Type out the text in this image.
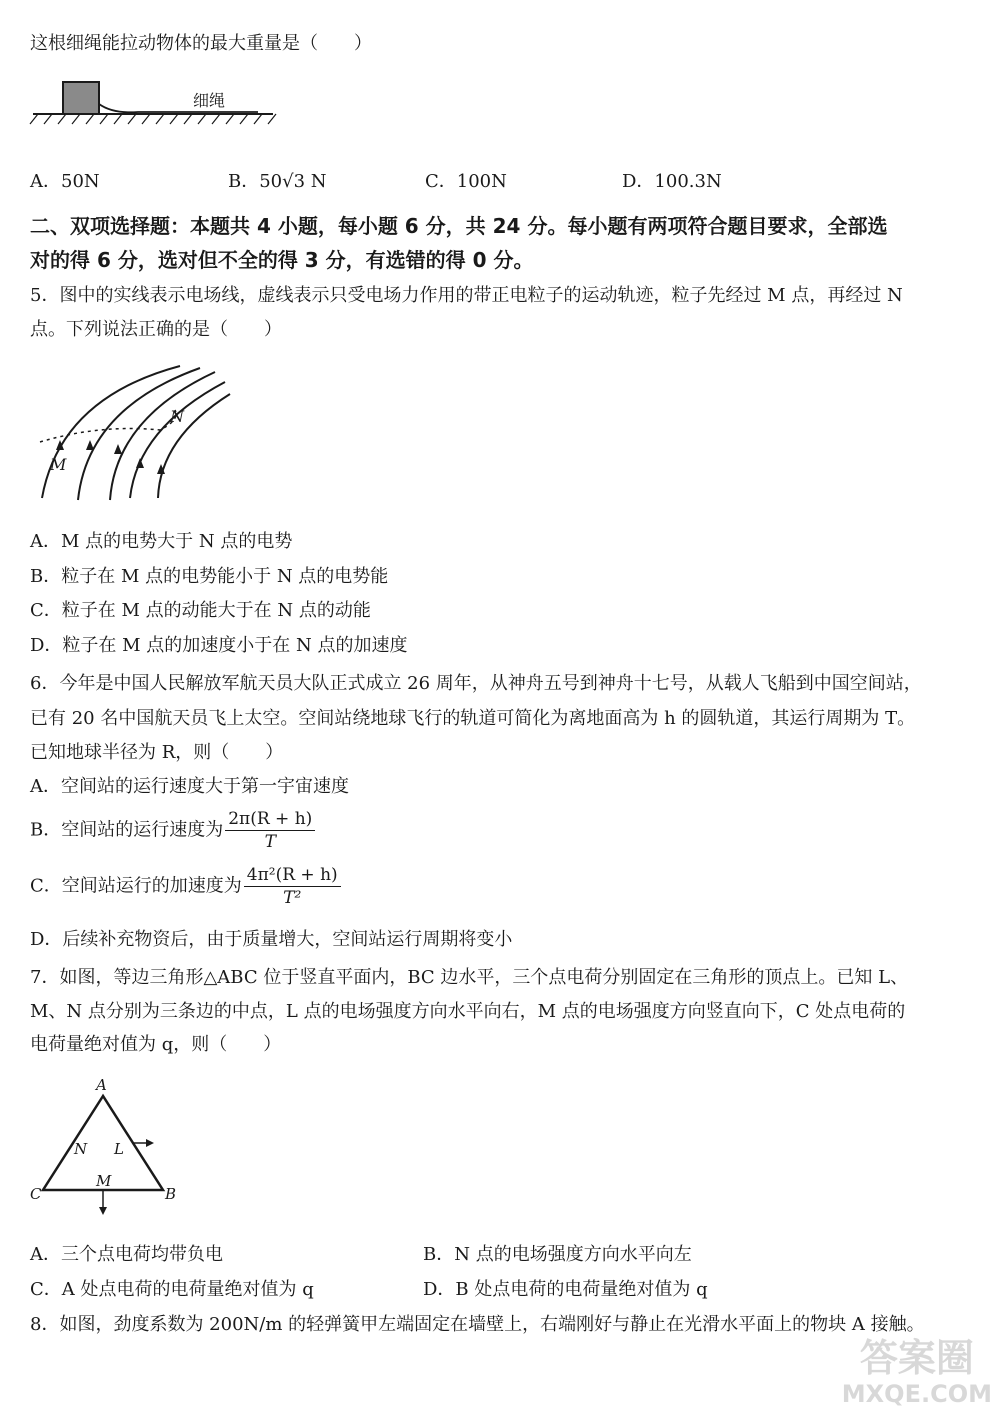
这根细绳能拉动物体的最大重量是（　　）
细绳
A．50N	B．50√3 N	C．100N	D．100.3N
二、双项选择题：本题共 4 小题，每小题 6 分，共 24 分。每小题有两项符合题目要求，全部选
对的得 6 分，选对但不全的得 3 分，有选错的得 0 分。
5．图中的实线表示电场线，虚线表示只受电场力作用的带正电粒子的运动轨迹，粒子先经过 M 点，再经过 N
点。下列说法正确的是（　　）
N
M
A．M 点的电势大于 N 点的电势
B．粒子在 M 点的电势能小于 N 点的电势能
C．粒子在 M 点的动能大于在 N 点的动能
D．粒子在 M 点的加速度小于在 N 点的加速度
6．今年是中国人民解放军航天员大队正式成立 26 周年，从神舟五号到神舟十七号，从载人飞船到中国空间站，
已有 20 名中国航天员飞上太空。空间站绕地球飞行的轨道可简化为离地面高为 h 的圆轨道，其运行周期为 T。
已知地球半径为 R，则（　　）
A．空间站的运行速度大于第一宇宙速度
B．空间站的运行速度为 $\frac{2\pi(R + h)}{T}$
C．空间站运行的加速度为 $\frac{\text{4π²(R + h)}}{\text{T²}}$
D．后续补充物资后，由于质量增大，空间站运行周期将变小
7．如图，等边三角形△ABC 位于竖直平面内，BC 边水平，三个点电荷分别固定在三角形的顶点上。已知 L、
M、N 点分别为三条边的中点，L 点的电场强度方向水平向右，M 点的电场强度方向竖直向下，C 处点电荷的
电荷量绝对值为 q，则（　　）
A
N L
M
C	B
A．三个点电荷均带负电	B．N 点的电场强度方向水平向左
C．A 处点电荷的电荷量绝对值为 q	D．B 处点电荷的电荷量绝对值为 q
8．如图，劲度系数为 200N/m 的轻弹簧甲左端固定在墙壁上，右端刚好与静止在光滑水平面上的物块 A 接触。
答案圈
MXQE.COM
